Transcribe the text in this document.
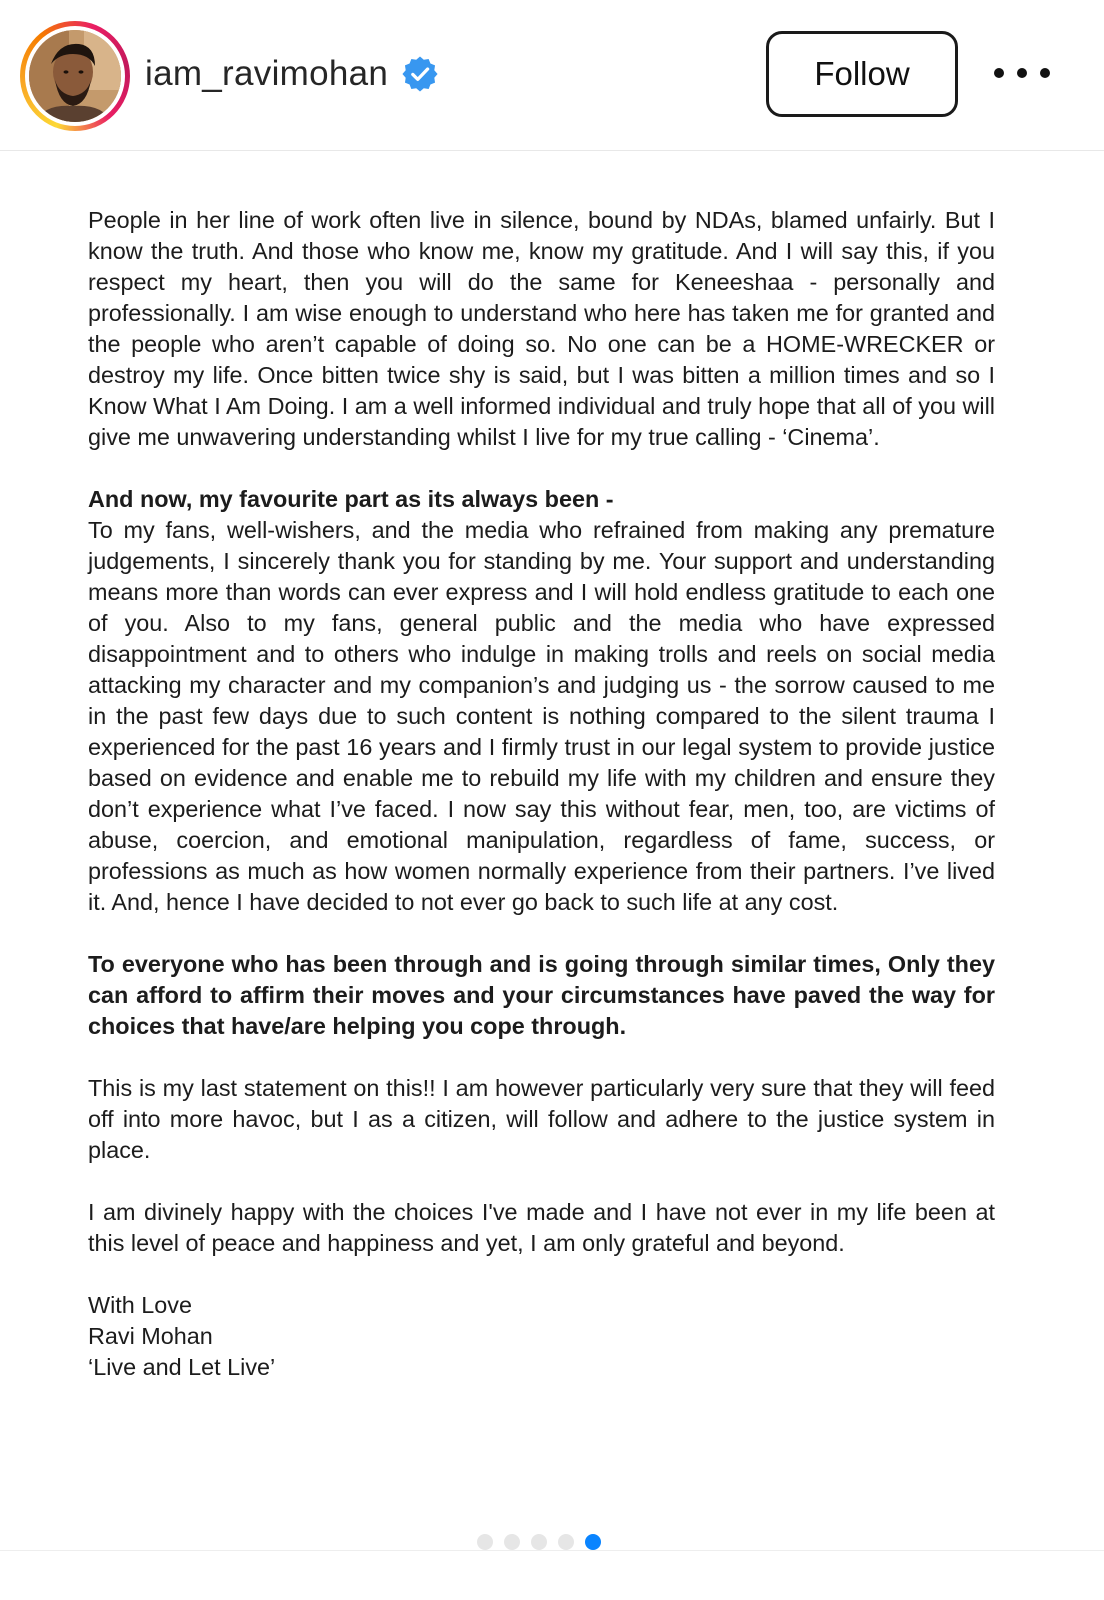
iam_ravimohan	Follow

People in her line of work often live in silence, bound by NDAs, blamed unfairly. But I know the truth. And those who know me, know my gratitude. And I will say this, if you respect my heart, then you will do the same for Keneeshaa - personally and professionally. I am wise enough to understand who here has taken me for granted and the people who aren’t capable of doing so. No one can be a HOME-WRECKER or destroy my life. Once bitten twice shy is said, but I was bitten a million times and so I Know What I Am Doing. I am a well informed individual and truly hope that all of you will give me unwavering understanding whilst I live for my true calling - ‘Cinema’.

And now, my favourite part as its always been -
To my fans, well-wishers, and the media who refrained from making any premature judgements, I sincerely thank you for standing by me. Your support and understanding means more than words can ever express and I will hold endless gratitude to each one of you. Also to my fans, general public and the media who have expressed disappointment and to others who indulge in making trolls and reels on social media attacking my character and my companion’s and judging us - the sorrow caused to me in the past few days due to such content is nothing compared to the silent trauma I experienced for the past 16 years and I firmly trust in our legal system to provide justice based on evidence and enable me to rebuild my life with my children and ensure they don’t experience what I’ve faced. I now say this without fear, men, too, are victims of abuse, coercion, and emotional manipulation, regardless of fame, success, or professions as much as how women normally experience from their partners. I’ve lived it. And, hence I have decided to not ever go back to such life at any cost.

To everyone who has been through and is going through similar times, Only they can afford to affirm their moves and your circumstances have paved the way for choices that have/are helping you cope through.

This is my last statement on this!! I am however particularly very sure that they will feed off into more havoc, but I as a citizen, will follow and adhere to the justice system in place.

I am divinely happy with the choices I've made and I have not ever in my life been at this level of peace and happiness and yet, I am only grateful and beyond.

With Love
Ravi Mohan
‘Live and Let Live’
